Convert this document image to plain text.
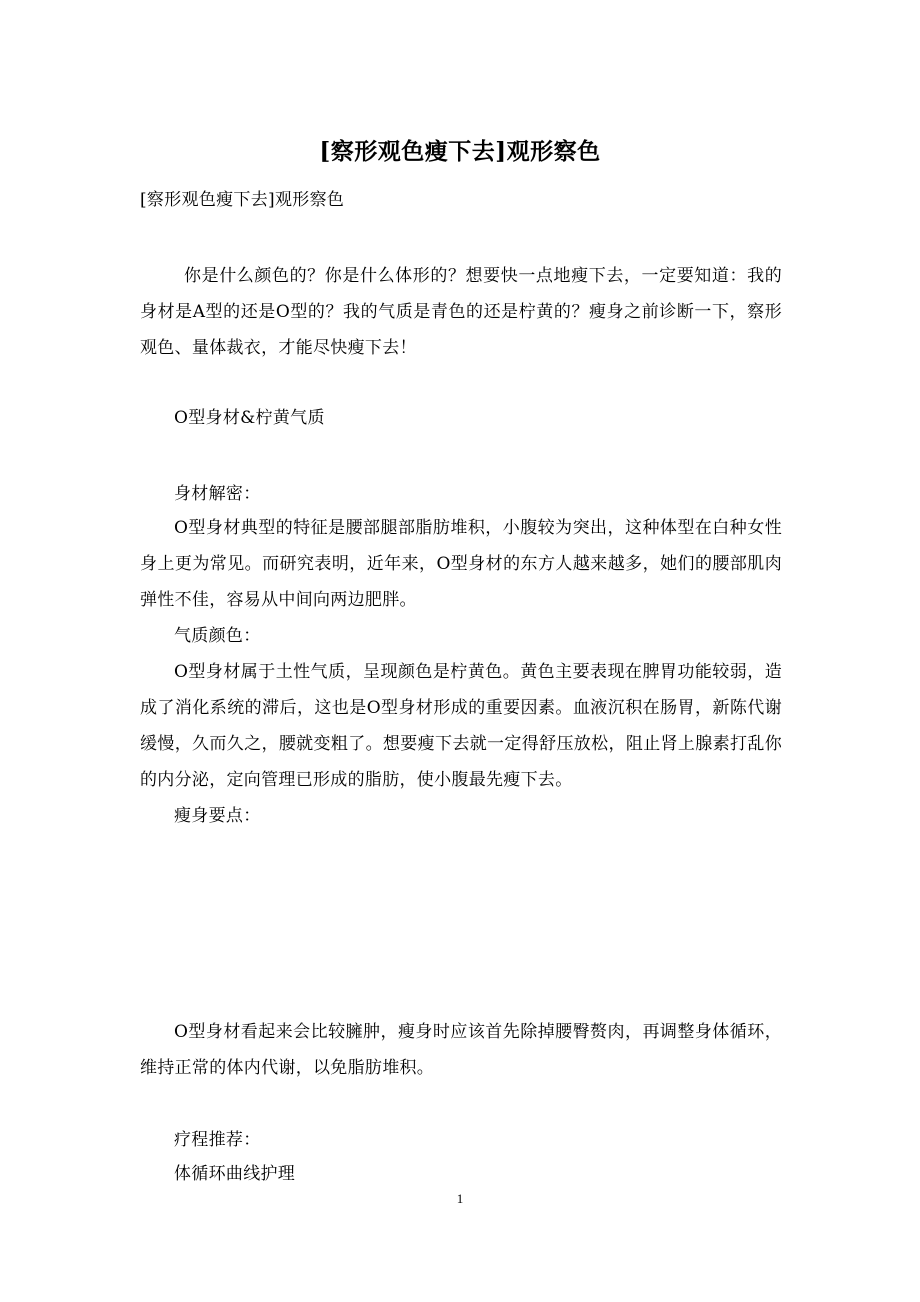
[察形观色瘦下去]观形察色

[察形观色瘦下去]观形察色

你是什么颜色的？你是什么体形的？想要快一点地瘦下去，一定要知道：我的身材是A型的还是O型的？我的气质是青色的还是柠黄的？瘦身之前诊断一下，察形观色、量体裁衣，才能尽快瘦下去！

O型身材&柠黄气质

身材解密：

O型身材典型的特征是腰部腿部脂肪堆积，小腹较为突出，这种体型在白种女性身上更为常见。而研究表明，近年来，O型身材的东方人越来越多，她们的腰部肌肉弹性不佳，容易从中间向两边肥胖。

气质颜色：

O型身材属于土性气质，呈现颜色是柠黄色。黄色主要表现在脾胃功能较弱，造成了消化系统的滞后，这也是O型身材形成的重要因素。血液沉积在肠胃，新陈代谢缓慢，久而久之，腰就变粗了。想要瘦下去就一定得舒压放松，阻止肾上腺素打乱你的内分泌，定向管理已形成的脂肪，使小腹最先瘦下去。

瘦身要点：

O型身材看起来会比较臃肿，瘦身时应该首先除掉腰臀赘肉，再调整身体循环，维持正常的体内代谢，以免脂肪堆积。

疗程推荐：

体循环曲线护理

1
